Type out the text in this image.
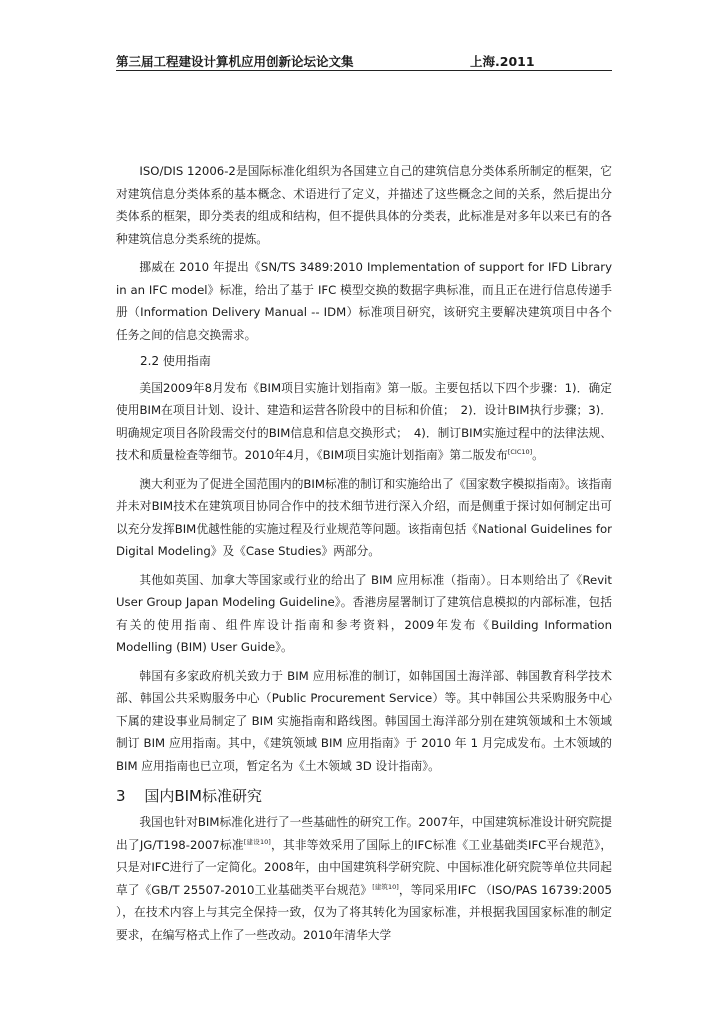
第三届工程建设计算机应用创新论坛论文集	上海.2011

ISO/DIS 12006-2是国际标准化组织为各国建立自己的建筑信息分类体系所制定的框架，它对建筑信息分类体系的基本概念、术语进行了定义，并描述了这些概念之间的关系，然后提出分类体系的框架，即分类表的组成和结构，但不提供具体的分类表，此标准是对多年以来已有的各种建筑信息分类系统的提炼。

挪威在 2010 年提出《SN/TS 3489:2010 Implementation of support for IFD Library in an IFC model》标准，给出了基于 IFC 模型交换的数据字典标准，而且正在进行信息传递手册（Information Delivery Manual -- IDM）标准项目研究，该研究主要解决建筑项目中各个任务之间的信息交换需求。

2.2 使用指南

美国2009年8月发布《BIM项目实施计划指南》第一版。主要包括以下四个步骤：1)．确定使用BIM在项目计划、设计、建造和运营各阶段中的目标和价值；　2)．设计BIM执行步骤；3)．明确规定项目各阶段需交付的BIM信息和信息交换形式；　4)．制订BIM实施过程中的法律法规、技术和质量检查等细节。2010年4月，《BIM项目实施计划指南》第二版发布[CIC10]。

澳大利亚为了促进全国范围内的BIM标准的制订和实施给出了《国家数字模拟指南》。该指南并未对BIM技术在建筑项目协同合作中的技术细节进行深入介绍，而是侧重于探讨如何制定出可以充分发挥BIM优越性能的实施过程及行业规范等问题。该指南包括《National Guidelines for Digital Modeling》及《Case Studies》两部分。

其他如英国、加拿大等国家或行业的给出了 BIM 应用标准（指南）。日本则给出了《Revit User Group Japan Modeling Guideline》。香港房屋署制订了建筑信息模拟的内部标准，包括有关的使用指南、组件库设计指南和参考资料，2009年发布《Building Information Modelling (BIM) User Guide》。

韩国有多家政府机关致力于 BIM 应用标准的制订，如韩国国土海洋部、韩国教育科学技术部、韩国公共采购服务中心（Public Procurement Service）等。其中韩国公共采购服务中心下属的建设事业局制定了 BIM 实施指南和路线图。韩国国土海洋部分别在建筑领域和土木领域制订 BIM 应用指南。其中，《建筑领域 BIM 应用指南》于 2010 年 1 月完成发布。土木领域的 BIM 应用指南也已立项，暂定名为《土木领域 3D 设计指南》。

3 国内BIM标准研究

我国也针对BIM标准化进行了一些基础性的研究工作。2007年，中国建筑标准设计研究院提出了JG/T198-2007标准[建设10]，其非等效采用了国际上的IFC标准《工业基础类IFC平台规范》，只是对IFC进行了一定简化。2008年，由中国建筑科学研究院、中国标准化研究院等单位共同起草了《GB/T 25507-2010工业基础类平台规范》[建筑10]，等同采用IFC （ISO/PAS 16739:2005 ），在技术内容上与其完全保持一致，仅为了将其转化为国家标准，并根据我国国家标准的制定要求，在编写格式上作了一些改动。2010年清华大学
